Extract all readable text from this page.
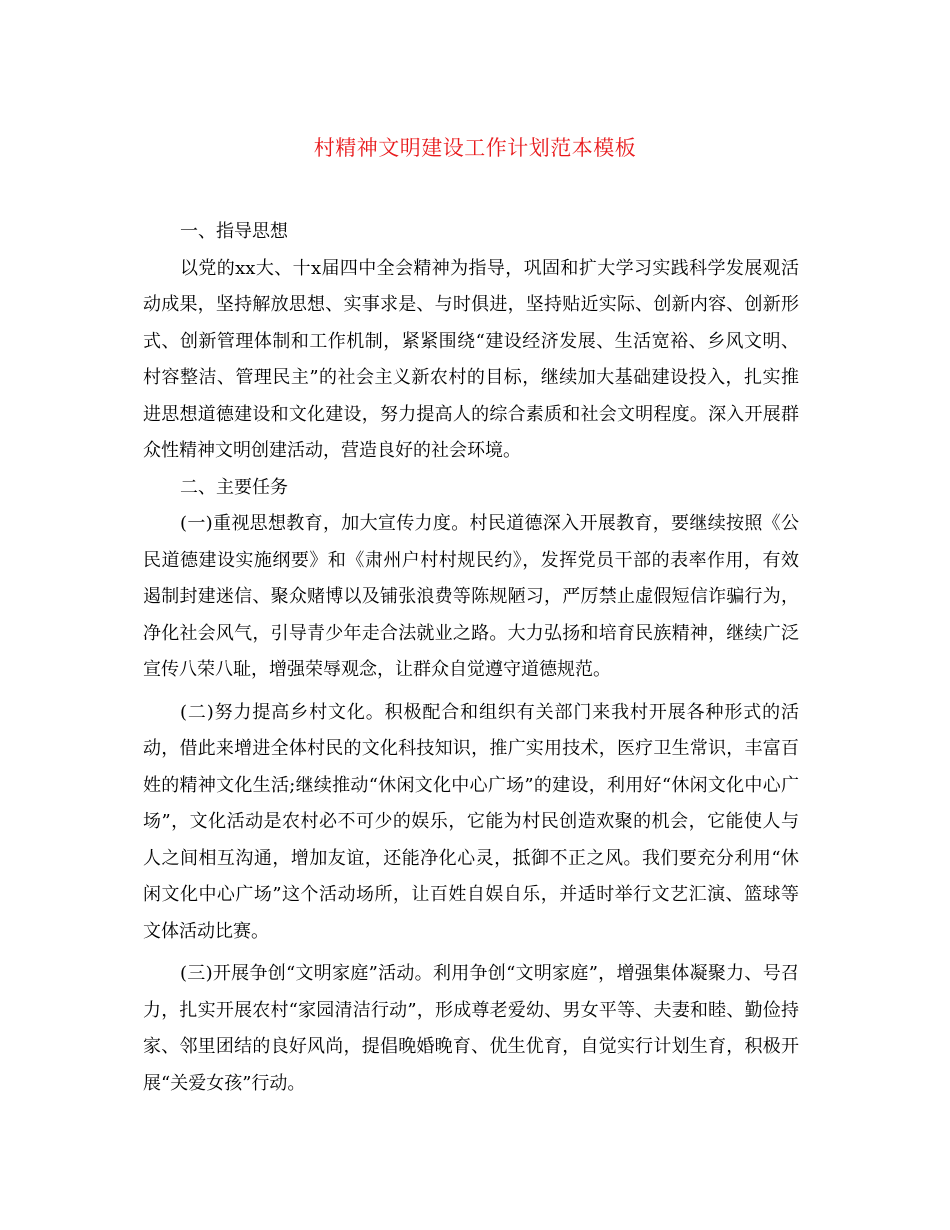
村精神文明建设工作计划范本模板

一、指导思想

以党的xx大、十x届四中全会精神为指导，巩固和扩大学习实践科学发展观活动成果，坚持解放思想、实事求是、与时俱进，坚持贴近实际、创新内容、创新形式、创新管理体制和工作机制，紧紧围绕“建设经济发展、生活宽裕、乡风文明、村容整洁、管理民主”的社会主义新农村的目标，继续加大基础建设投入，扎实推进思想道德建设和文化建设，努力提高人的综合素质和社会文明程度。深入开展群众性精神文明创建活动，营造良好的社会环境。

二、主要任务

(一)重视思想教育，加大宣传力度。村民道德深入开展教育，要继续按照《公民道德建设实施纲要》和《肃州户村村规民约》，发挥党员干部的表率作用，有效遏制封建迷信、聚众赌博以及铺张浪费等陈规陋习，严厉禁止虚假短信诈骗行为，净化社会风气，引导青少年走合法就业之路。大力弘扬和培育民族精神，继续广泛宣传八荣八耻，增强荣辱观念，让群众自觉遵守道德规范。

(二)努力提高乡村文化。积极配合和组织有关部门来我村开展各种形式的活动，借此来增进全体村民的文化科技知识，推广实用技术，医疗卫生常识，丰富百姓的精神文化生活;继续推动“休闲文化中心广场”的建设，利用好“休闲文化中心广场”，文化活动是农村必不可少的娱乐，它能为村民创造欢聚的机会，它能使人与人之间相互沟通，增加友谊，还能净化心灵，抵御不正之风。我们要充分利用“休闲文化中心广场”这个活动场所，让百姓自娱自乐，并适时举行文艺汇演、篮球等文体活动比赛。

(三)开展争创“文明家庭”活动。利用争创“文明家庭”，增强集体凝聚力、号召力，扎实开展农村“家园清洁行动”，形成尊老爱幼、男女平等、夫妻和睦、勤俭持家、邻里团结的良好风尚，提倡晚婚晚育、优生优育，自觉实行计划生育，积极开展“关爱女孩”行动。
